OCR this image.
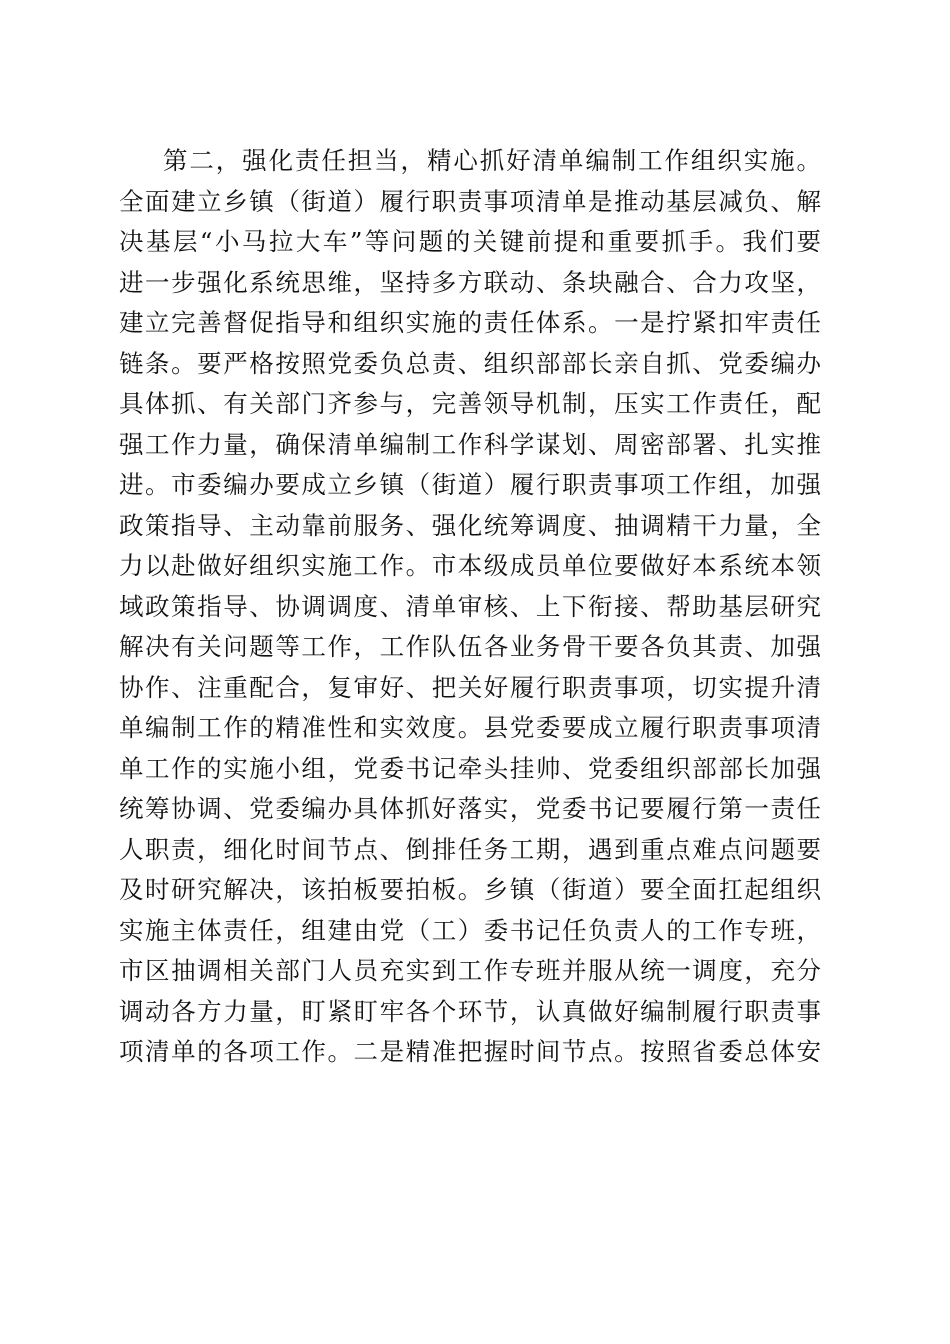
第二，强化责任担当，精心抓好清单编制工作组织实施。
全面建立乡镇（街道）履行职责事项清单是推动基层减负、解
决基层“小马拉大车”等问题的关键前提和重要抓手。我们要
进一步强化系统思维，坚持多方联动、条块融合、合力攻坚，
建立完善督促指导和组织实施的责任体系。一是拧紧扣牢责任
链条。要严格按照党委负总责、组织部部长亲自抓、党委编办
具体抓、有关部门齐参与，完善领导机制，压实工作责任，配
强工作力量，确保清单编制工作科学谋划、周密部署、扎实推
进。市委编办要成立乡镇（街道）履行职责事项工作组，加强
政策指导、主动靠前服务、强化统筹调度、抽调精干力量，全
力以赴做好组织实施工作。市本级成员单位要做好本系统本领
域政策指导、协调调度、清单审核、上下衔接、帮助基层研究
解决有关问题等工作，工作队伍各业务骨干要各负其责、加强
协作、注重配合，复审好、把关好履行职责事项，切实提升清
单编制工作的精准性和实效度。县党委要成立履行职责事项清
单工作的实施小组，党委书记牵头挂帅、党委组织部部长加强
统筹协调、党委编办具体抓好落实，党委书记要履行第一责任
人职责，细化时间节点、倒排任务工期，遇到重点难点问题要
及时研究解决，该拍板要拍板。乡镇（街道）要全面扛起组织
实施主体责任，组建由党（工）委书记任负责人的工作专班，
市区抽调相关部门人员充实到工作专班并服从统一调度，充分
调动各方力量，盯紧盯牢各个环节，认真做好编制履行职责事
项清单的各项工作。二是精准把握时间节点。按照省委总体安
